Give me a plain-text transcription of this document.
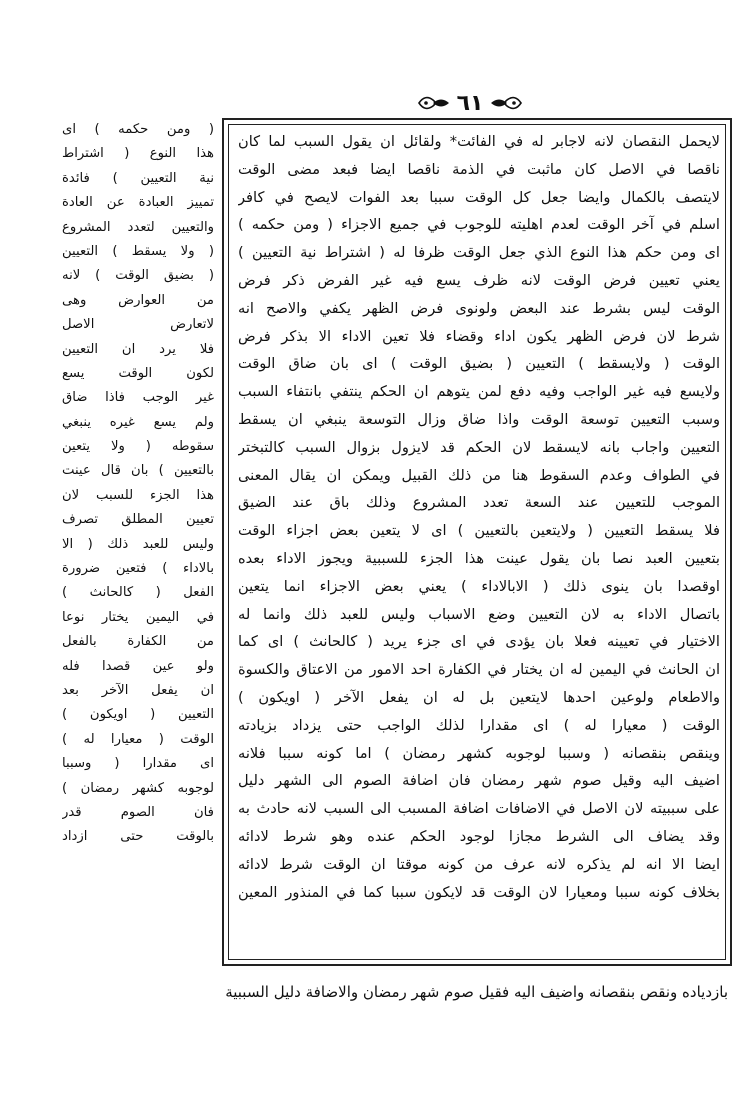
٦١
لايحمل النقصان لانه لاجابر له في الفائت* ولقائل ان يقول السبب لما كان
ناقصا في الاصل كان ماثبت في الذمة ناقصا ايضا فبعد مضى الوقت
لايتصف بالكمال وايضا جعل كل الوقت سببا بعد الفوات لايصح في كافر
اسلم في آخر الوقت لعدم اهليته للوجوب في جميع الاجزاء ( ومن حكمه )
اى ومن حكم هذا النوع الذي جعل الوقت ظرفا له ( اشتراط نية التعيين )
يعني تعيين فرض الوقت لانه ظرف يسع فيه غير الفرض ذكر فرض
الوقت ليس بشرط عند البعض ولونوى فرض الظهر يكفي والاصح انه
شرط لان فرض الظهر يكون اداء وقضاء فلا تعين الاداء الا بذكر فرض
الوقت ( ولايسقط ) التعيين ( بضيق الوقت ) اى بان ضاق الوقت
ولايسع فيه غير الواجب وفيه دفع لمن يتوهم ان الحكم ينتفي بانتفاء السبب
وسبب التعيين توسعة الوقت واذا ضاق وزال التوسعة ينبغي ان يسقط
التعيين واجاب بانه لايسقط لان الحكم قد لايزول بزوال السبب كالتبختر
في الطواف وعدم السقوط هنا من ذلك القبيل ويمكن ان يقال المعنى
الموجب للتعيين عند السعة تعدد المشروع وذلك باق عند الضيق
فلا يسقط التعيين ( ولايتعين بالتعيين ) اى لا يتعين بعض اجزاء الوقت
بتعيين العبد نصا بان يقول عينت هذا الجزء للسببية ويجوز الاداء بعده
اوقصدا بان ينوى ذلك ( الابالاداء ) يعني بعض الاجزاء انما يتعين
باتصال الاداء به لان التعيين وضع الاسباب وليس للعبد ذلك وانما له
الاختيار في تعيينه فعلا بان يؤدى في اى جزء يريد ( كالحانث ) اى كما
ان الحانث في اليمين له ان يختار في الكفارة احد الامور من الاعتاق والكسوة
والاطعام ولوعين احدها لايتعين بل له ان يفعل الآخر ( اويكون )
الوقت ( معيارا له ) اى مقدارا لذلك الواجب حتى يزداد بزيادته
وينقص بنقصانه ( وسببا لوجوبه كشهر رمضان ) اما كونه سببا فلانه
اضيف اليه وقيل صوم شهر رمضان فان اضافة الصوم الى الشهر دليل
على سببيته لان الاصل في الاضافات اضافة المسبب الى السبب لانه حادث به
وقد يضاف الى الشرط مجازا لوجود الحكم عنده وهو شرط لادائه
ايضا الا انه لم يذكره لانه عرف من كونه موقتا ان الوقت شرط لادائه
بخلاف كونه سببا ومعيارا لان الوقت قد لايكون سببا كما في المنذور المعين
( ومن حكمه ) اى
هذا النوع ( اشتراط
نية التعيين ) فائدة
تمييز العبادة عن العادة
والتعيين لتعدد المشروع
( ولا يسقط ) التعيين
( بضيق الوقت ) لانه
من العوارض وهى
لاتعارض الاصل
فلا يرد ان التعيين
لكون الوقت يسع
غير الوجب فاذا ضاق
ولم يسع غيره ينبغي
سقوطه ( ولا يتعين
بالتعيين ) بان قال عينت
هذا الجزء للسبب لان
تعيين المطلق تصرف
وليس للعبد ذلك ( الا
بالاداء ) فتعين ضرورة
الفعل ( كالحانث )
في اليمين يختار نوعا
من الكفارة بالفعل
ولو عين قصدا فله
ان يفعل الآخر بعد
التعيين ( اويكون )
الوقت ( معيارا له )
اى مقدارا ( وسببا
لوجوبه كشهر رمضان )
فان الصوم قدر
بالوقت حتى ازداد
بازدياده ونقص بنقصانه واضيف اليه فقيل صوم شهر رمضان والاضافة دليل السببية
